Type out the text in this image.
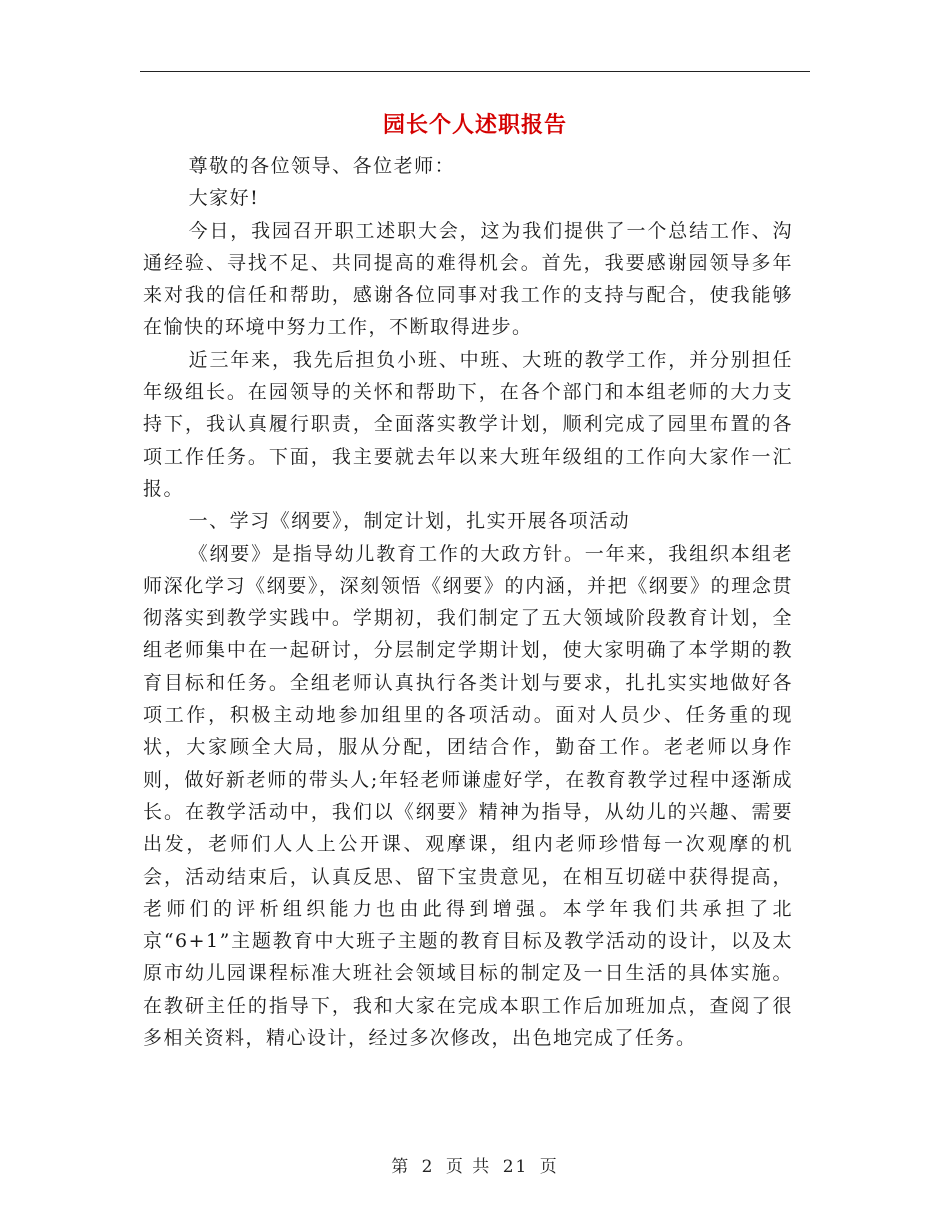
园长个人述职报告

尊敬的各位领导、各位老师：

大家好!

今日，我园召开职工述职大会，这为我们提供了一个总结工作、沟通经验、寻找不足、共同提高的难得机会。首先，我要感谢园领导多年来对我的信任和帮助，感谢各位同事对我工作的支持与配合，使我能够在愉快的环境中努力工作，不断取得进步。

近三年来，我先后担负小班、中班、大班的教学工作，并分别担任年级组长。在园领导的关怀和帮助下，在各个部门和本组老师的大力支持下，我认真履行职责，全面落实教学计划，顺利完成了园里布置的各项工作任务。下面，我主要就去年以来大班年级组的工作向大家作一汇报。

一、学习《纲要》，制定计划，扎实开展各项活动

《纲要》是指导幼儿教育工作的大政方针。一年来，我组织本组老师深化学习《纲要》，深刻领悟《纲要》的内涵，并把《纲要》的理念贯彻落实到教学实践中。学期初，我们制定了五大领域阶段教育计划，全组老师集中在一起研讨，分层制定学期计划，使大家明确了本学期的教育目标和任务。全组老师认真执行各类计划与要求，扎扎实实地做好各项工作，积极主动地参加组里的各项活动。面对人员少、任务重的现状，大家顾全大局，服从分配，团结合作，勤奋工作。老老师以身作则，做好新老师的带头人;年轻老师谦虚好学，在教育教学过程中逐渐成长。在教学活动中，我们以《纲要》精神为指导，从幼儿的兴趣、需要出发，老师们人人上公开课、观摩课，组内老师珍惜每一次观摩的机会，活动结束后，认真反思、留下宝贵意见，在相互切磋中获得提高，老师们的评析组织能力也由此得到增强。本学年我们共承担了北京“6+1”主题教育中大班子主题的教育目标及教学活动的设计，以及太原市幼儿园课程标准大班社会领域目标的制定及一日生活的具体实施。在教研主任的指导下，我和大家在完成本职工作后加班加点，查阅了很多相关资料，精心设计，经过多次修改，出色地完成了任务。

第 2 页 共 21 页
